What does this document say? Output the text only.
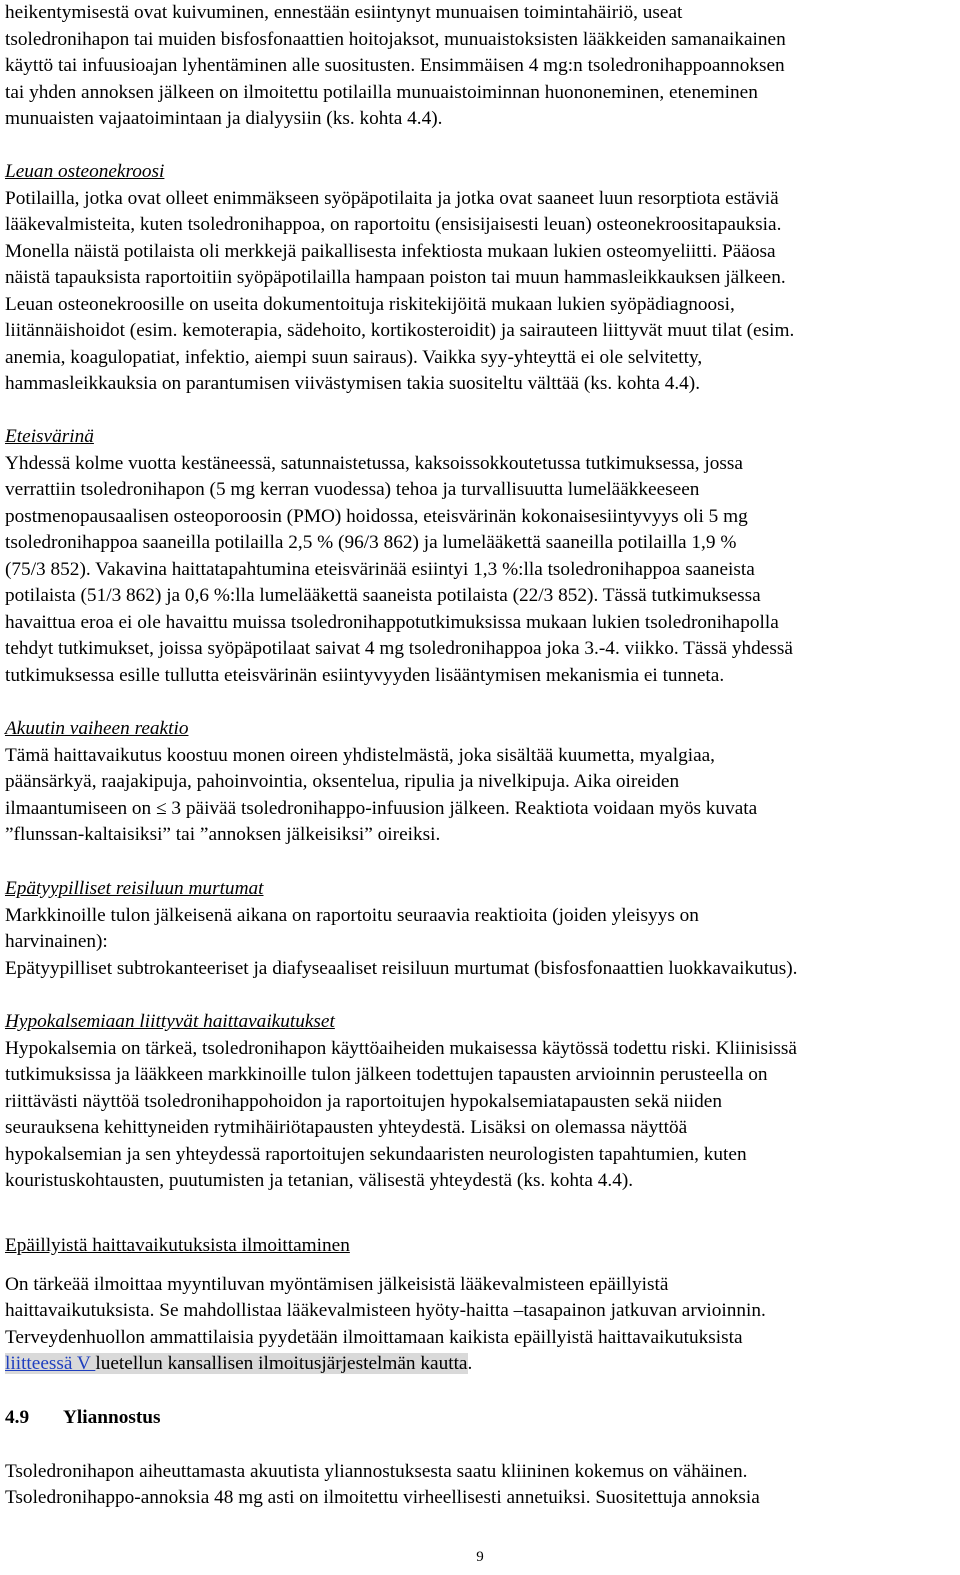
heikentymisestä ovat kuivuminen, ennestään esiintynyt munuaisen toimintahäiriö, useat

tsoledronihapon tai muiden bisfosfonaattien hoitojaksot, munuaistoksisten lääkkeiden samanaikainen

käyttö tai infuusioajan lyhentäminen alle suositusten. Ensimmäisen 4 mg:n tsoledronihappoannoksen

tai yhden annoksen jälkeen on ilmoitettu potilailla munuaistoiminnan huononeminen, eteneminen

munuaisten vajaatoimintaan ja dialyysiin (ks. kohta 4.4).

Leuan osteonekroosi

Potilailla, jotka ovat olleet enimmäkseen syöpäpotilaita ja jotka ovat saaneet luun resorptiota estäviä

lääkevalmisteita, kuten tsoledronihappoa, on raportoitu (ensisijaisesti leuan) osteonekroositapauksia.

Monella näistä potilaista oli merkkejä paikallisesta infektiosta mukaan lukien osteomyeliitti. Pääosa

näistä tapauksista raportoitiin syöpäpotilailla hampaan poiston tai muun hammasleikkauksen jälkeen.

Leuan osteonekroosille on useita dokumentoituja riskitekijöitä mukaan lukien syöpädiagnoosi,

liitännäishoidot (esim. kemoterapia, sädehoito, kortikosteroidit) ja sairauteen liittyvät muut tilat (esim.

anemia, koagulopatiat, infektio, aiempi suun sairaus). Vaikka syy-yhteyttä ei ole selvitetty,

hammasleikkauksia on parantumisen viivästymisen takia suositeltu välttää (ks. kohta 4.4).

Eteisvärinä

Yhdessä kolme vuotta kestäneessä, satunnaistetussa, kaksoissokkoutetussa tutkimuksessa, jossa

verrattiin tsoledronihapon (5 mg kerran vuodessa) tehoa ja turvallisuutta lumelääkkeeseen

postmenopausaalisen osteoporoosin (PMO) hoidossa, eteisvärinän kokonaisesiintyvyys oli 5 mg

tsoledronihappoa saaneilla potilailla 2,5 % (96/3 862) ja lumelääkettä saaneilla potilailla 1,9 %

(75/3 852). Vakavina haittatapahtumina eteisvärinää esiintyi 1,3 %:lla tsoledronihappoa saaneista

potilaista (51/3 862) ja 0,6 %:lla lumelääkettä saaneista potilaista (22/3 852). Tässä tutkimuksessa

havaittua eroa ei ole havaittu muissa tsoledronihappotutkimuksissa mukaan lukien tsoledronihapolla

tehdyt tutkimukset, joissa syöpäpotilaat saivat 4 mg tsoledronihappoa joka 3.-4. viikko. Tässä yhdessä

tutkimuksessa esille tullutta eteisvärinän esiintyvyyden lisääntymisen mekanismia ei tunneta.

Akuutin vaiheen reaktio

Tämä haittavaikutus koostuu monen oireen yhdistelmästä, joka sisältää kuumetta, myalgiaa,

päänsärkyä, raajakipuja, pahoinvointia, oksentelua, ripulia ja nivelkipuja. Aika oireiden

ilmaantumiseen on ≤ 3 päivää tsoledronihappo-infuusion jälkeen. Reaktiota voidaan myös kuvata

”flunssan-kaltaisiksi” tai ”annoksen jälkeisiksi” oireiksi.

Epätyypilliset reisiluun murtumat

Markkinoille tulon jälkeisenä aikana on raportoitu seuraavia reaktioita (joiden yleisyys on

harvinainen):

Epätyypilliset subtrokanteeriset ja diafyseaaliset reisiluun murtumat (bisfosfonaattien luokkavaikutus).

Hypokalsemiaan liittyvät haittavaikutukset

Hypokalsemia on tärkeä, tsoledronihapon käyttöaiheiden mukaisessa käytössä todettu riski. Kliinisissä

tutkimuksissa ja lääkkeen markkinoille tulon jälkeen todettujen tapausten arvioinnin perusteella on

riittävästi näyttöä tsoledronihappohoidon ja raportoitujen hypokalsemiatapausten sekä niiden

seurauksena kehittyneiden rytmihäiriötapausten yhteydestä. Lisäksi on olemassa näyttöä

hypokalsemian ja sen yhteydessä raportoitujen sekundaaristen neurologisten tapahtumien, kuten

kouristuskohtausten, puutumisten ja tetanian, välisestä yhteydestä (ks. kohta 4.4).

Epäillyistä haittavaikutuksista ilmoittaminen

On tärkeää ilmoittaa myyntiluvan myöntämisen jälkeisistä lääkevalmisteen epäillyistä

haittavaikutuksista. Se mahdollistaa lääkevalmisteen hyöty-haitta –tasapainon jatkuvan arvioinnin.

Terveydenhuollon ammattilaisia pyydetään ilmoittamaan kaikista epäillyistä haittavaikutuksista

liitteessä V luetellun kansallisen ilmoitusjärjestelmän kautta.

4.9 Yliannostus

Tsoledronihapon aiheuttamasta akuutista yliannostuksesta saatu kliininen kokemus on vähäinen.

Tsoledronihappo-annoksia 48 mg asti on ilmoitettu virheellisesti annetuiksi. Suositettuja annoksia

9
